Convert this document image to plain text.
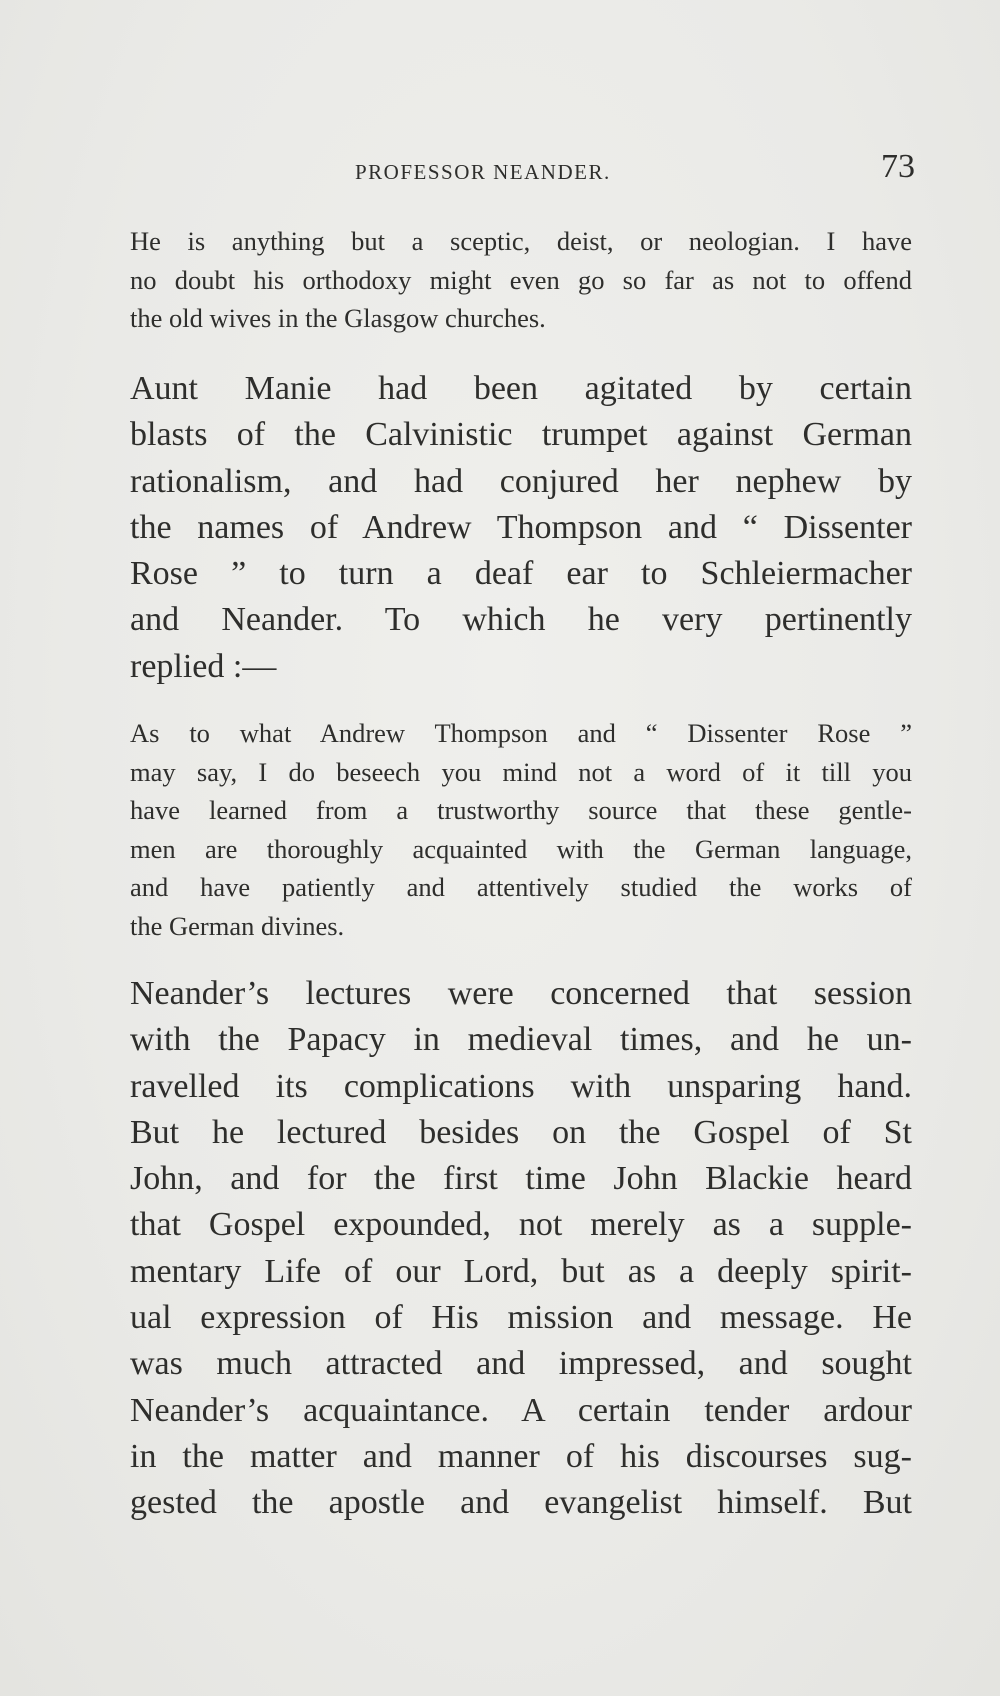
PROFESSOR NEANDER.	73
He is anything but a sceptic, deist, or neologian. I have
no doubt his orthodoxy might even go so far as not to offend
the old wives in the Glasgow churches.
Aunt Manie had been agitated by certain
blasts of the Calvinistic trumpet against German
rationalism, and had conjured her nephew by
the names of Andrew Thompson and “ Dissenter
Rose ” to turn a deaf ear to Schleiermacher
and Neander. To which he very pertinently
replied :—
As to what Andrew Thompson and “ Dissenter Rose ”
may say, I do beseech you mind not a word of it till you
have learned from a trustworthy source that these gentle-
men are thoroughly acquainted with the German language,
and have patiently and attentively studied the works of
the German divines.
Neander’s lectures were concerned that session
with the Papacy in medieval times, and he un-
ravelled its complications with unsparing hand.
But he lectured besides on the Gospel of St
John, and for the first time John Blackie heard
that Gospel expounded, not merely as a supple-
mentary Life of our Lord, but as a deeply spirit-
ual expression of His mission and message. He
was much attracted and impressed, and sought
Neander’s acquaintance. A certain tender ardour
in the matter and manner of his discourses sug-
gested the apostle and evangelist himself. But
